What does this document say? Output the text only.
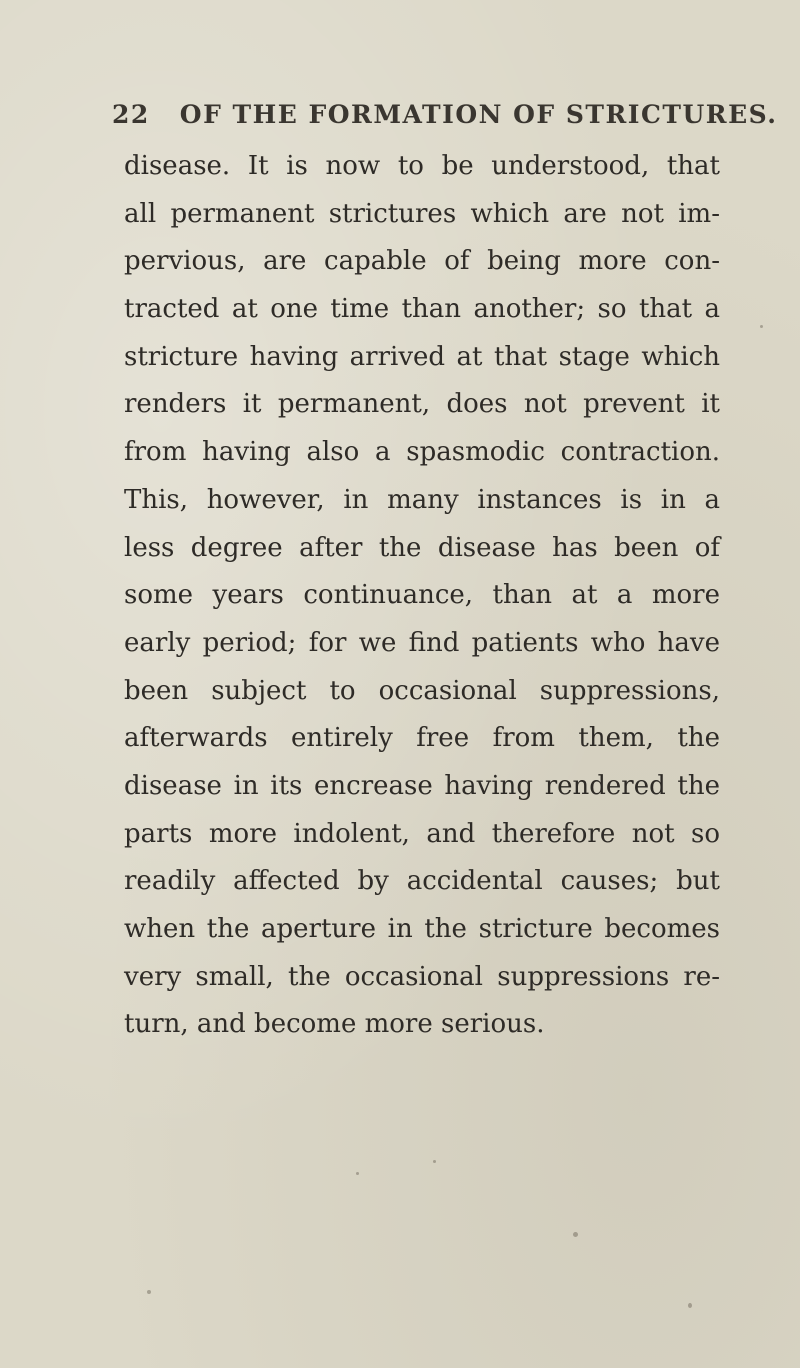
22 OF THE FORMATION OF STRICTURES.
disease. It is now to be understood, that
all permanent strictures which are not im-
pervious, are capable of being more con-
tracted at one time than another; so that a
stricture having arrived at that stage which
renders it permanent, does not prevent it
from having also a spasmodic contraction.
This, however, in many instances is in a
less degree after the disease has been of
some years continuance, than at a more
early period; for we find patients who have
been subject to occasional suppressions,
afterwards entirely free from them, the
disease in its encrease having rendered the
parts more indolent, and therefore not so
readily affected by accidental causes; but
when the aperture in the stricture becomes
very small, the occasional suppressions re-
turn, and become more serious.
